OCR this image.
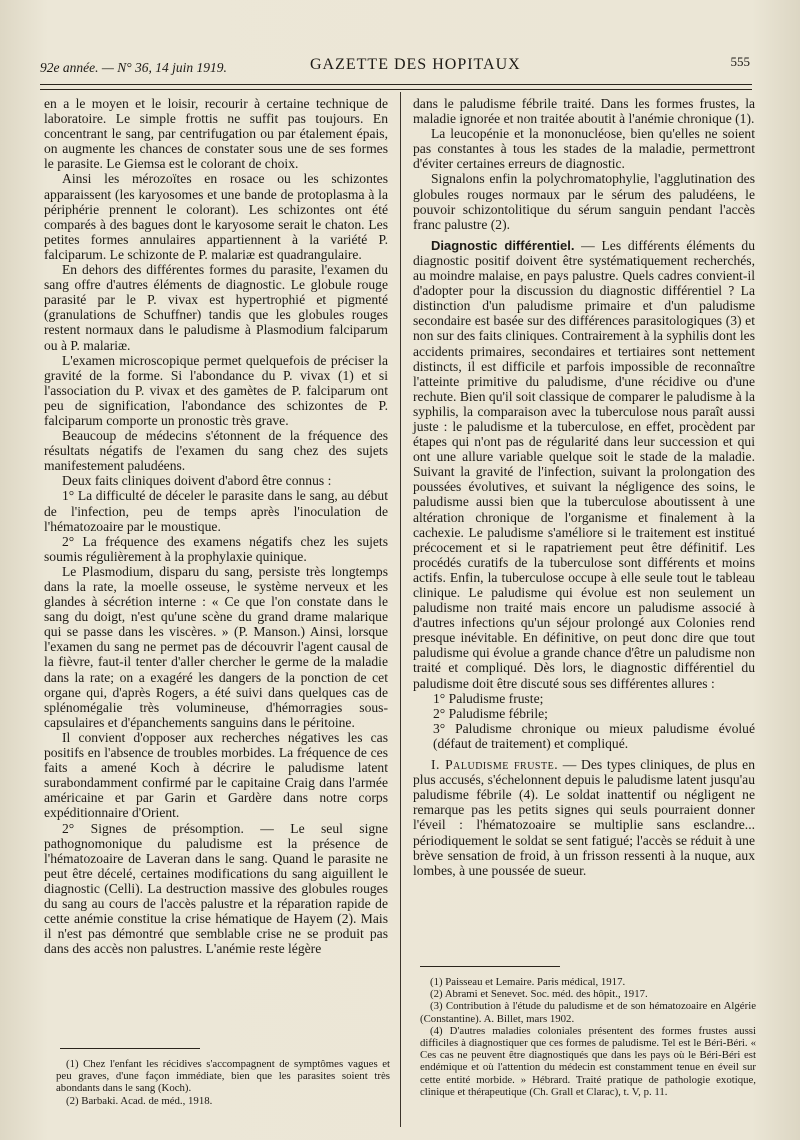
92e année. — N° 36, 14 juin 1919.	GAZETTE DES HOPITAUX	555

en a le moyen et le loisir, recourir à certaine technique de laboratoire. Le simple frottis ne suffit pas toujours. En concentrant le sang, par centrifugation ou par étalement épais, on augmente les chances de constater sous une de ses formes le parasite. Le Giemsa est le colorant de choix.

Ainsi les mérozoïtes en rosace ou les schizontes apparaissent (les karyosomes et une bande de protoplasma à la périphérie prennent le colorant). Les schizontes ont été comparés à des bagues dont le karyosome serait le chaton. Les petites formes annulaires appartiennent à la variété P. falciparum. Le schizonte de P. malariæ est quadrangulaire.

En dehors des différentes formes du parasite, l'examen du sang offre d'autres éléments de diagnostic. Le globule rouge parasité par le P. vivax est hypertrophié et pigmenté (granulations de Schuffner) tandis que les globules rouges restent normaux dans le paludisme à Plasmodium falciparum ou à P. malariæ.

L'examen microscopique permet quelquefois de préciser la gravité de la forme. Si l'abondance du P. vivax (1) et si l'association du P. vivax et des gamètes de P. falciparum ont peu de signification, l'abondance des schizontes de P. falciparum comporte un pronostic très grave.

Beaucoup de médecins s'étonnent de la fréquence des résultats négatifs de l'examen du sang chez des sujets manifestement paludéens.

Deux faits cliniques doivent d'abord être connus :

1° La difficulté de déceler le parasite dans le sang, au début de l'infection, peu de temps après l'inoculation de l'hématozoaire par le moustique.

2° La fréquence des examens négatifs chez les sujets soumis régulièrement à la prophylaxie quinique.

Le Plasmodium, disparu du sang, persiste très longtemps dans la rate, la moelle osseuse, le système nerveux et les glandes à sécrétion interne : « Ce que l'on constate dans le sang du doigt, n'est qu'une scène du grand drame malarique qui se passe dans les viscères. » (P. Manson.) Ainsi, lorsque l'examen du sang ne permet pas de découvrir l'agent causal de la fièvre, faut-il tenter d'aller chercher le germe de la maladie dans la rate; on a exagéré les dangers de la ponction de cet organe qui, d'après Rogers, a été suivi dans quelques cas de splénomégalie très volumineuse, d'hémorragies sous-capsulaires et d'épanchements sanguins dans le péritoine.

Il convient d'opposer aux recherches négatives les cas positifs en l'absence de troubles morbides. La fréquence de ces faits a amené Koch à décrire le paludisme latent surabondamment confirmé par le capitaine Craig dans l'armée américaine et par Garin et Gardère dans notre corps expéditionnaire d'Orient.

2° Signes de présomption. — Le seul signe pathognomonique du paludisme est la présence de l'hématozoaire de Laveran dans le sang. Quand le parasite ne peut être décelé, certaines modifications du sang aiguillent le diagnostic (Celli). La destruction massive des globules rouges du sang au cours de l'accès palustre et la réparation rapide de cette anémie constitue la crise hématique de Hayem (2). Mais il n'est pas démontré que semblable crise ne se produit pas dans des accès non palustres. L'anémie reste légère

dans le paludisme fébrile traité. Dans les formes frustes, la maladie ignorée et non traitée aboutit à l'anémie chronique (1).

La leucopénie et la mononucléose, bien qu'elles ne soient pas constantes à tous les stades de la maladie, permettront d'éviter certaines erreurs de diagnostic.

Signalons enfin la polychromatophylie, l'agglutination des globules rouges normaux par le sérum des paludéens, le pouvoir schizontolitique du sérum sanguin pendant l'accès franc palustre (2).

Diagnostic différentiel. — Les différents éléments du diagnostic positif doivent être systématiquement recherchés, au moindre malaise, en pays palustre. Quels cadres convient-il d'adopter pour la discussion du diagnostic différentiel ? La distinction d'un paludisme primaire et d'un paludisme secondaire est basée sur des différences parasitologiques (3) et non sur des faits cliniques. Contrairement à la syphilis dont les accidents primaires, secondaires et tertiaires sont nettement distincts, il est difficile et parfois impossible de reconnaître l'atteinte primitive du paludisme, d'une récidive ou d'une rechute. Bien qu'il soit classique de comparer le paludisme à la syphilis, la comparaison avec la tuberculose nous paraît aussi juste : le paludisme et la tuberculose, en effet, procèdent par étapes qui n'ont pas de régularité dans leur succession et qui ont une allure variable quelque soit le stade de la maladie. Suivant la gravité de l'infection, suivant la prolongation des poussées évolutives, et suivant la négligence des soins, le paludisme aussi bien que la tuberculose aboutissent à une altération chronique de l'organisme et finalement à la cachexie. Le paludisme s'améliore si le traitement est institué précocement et si le rapatriement peut être définitif. Les procédés curatifs de la tuberculose sont différents et moins actifs. Enfin, la tuberculose occupe à elle seule tout le tableau clinique. Le paludisme qui évolue est non seulement un paludisme non traité mais encore un paludisme associé à d'autres infections qu'un séjour prolongé aux Colonies rend presque inévitable. En définitive, on peut donc dire que tout paludisme qui évolue a grande chance d'être un paludisme non traité et compliqué. Dès lors, le diagnostic différentiel du paludisme doit être discuté sous ses différentes allures :

1° Paludisme fruste;

2° Paludisme fébrile;

3° Paludisme chronique ou mieux paludisme évolué (défaut de traitement) et compliqué.

I. Paludisme fruste. — Des types cliniques, de plus en plus accusés, s'échelonnent depuis le paludisme latent jusqu'au paludisme fébrile (4). Le soldat inattentif ou négligent ne remarque pas les petits signes qui seuls pourraient donner l'éveil : l'hématozoaire se multiplie sans esclandre... périodiquement le soldat se sent fatigué; l'accès se réduit à une brève sensation de froid, à un frisson ressenti à la nuque, aux lombes, à une poussée de sueur.

(1) Chez l'enfant les récidives s'accompagnent de symptômes vagues et peu graves, d'une façon immédiate, bien que les parasites soient très abondants dans le sang (Koch).

(2) Barbaki. Acad. de méd., 1918.

(1) Paisseau et Lemaire. Paris médical, 1917.

(2) Abrami et Senevet. Soc. méd. des hôpit., 1917.

(3) Contribution à l'étude du paludisme et de son hématozoaire en Algérie (Constantine). A. Billet, mars 1902.

(4) D'autres maladies coloniales présentent des formes frustes aussi difficiles à diagnostiquer que ces formes de paludisme. Tel est le Béri-Béri. « Ces cas ne peuvent être diagnostiqués que dans les pays où le Béri-Béri est endémique et où l'attention du médecin est constamment tenue en éveil sur cette entité morbide. » Hébrard. Traité pratique de pathologie exotique, clinique et thérapeutique (Ch. Grall et Clarac), t. V, p. 11.
